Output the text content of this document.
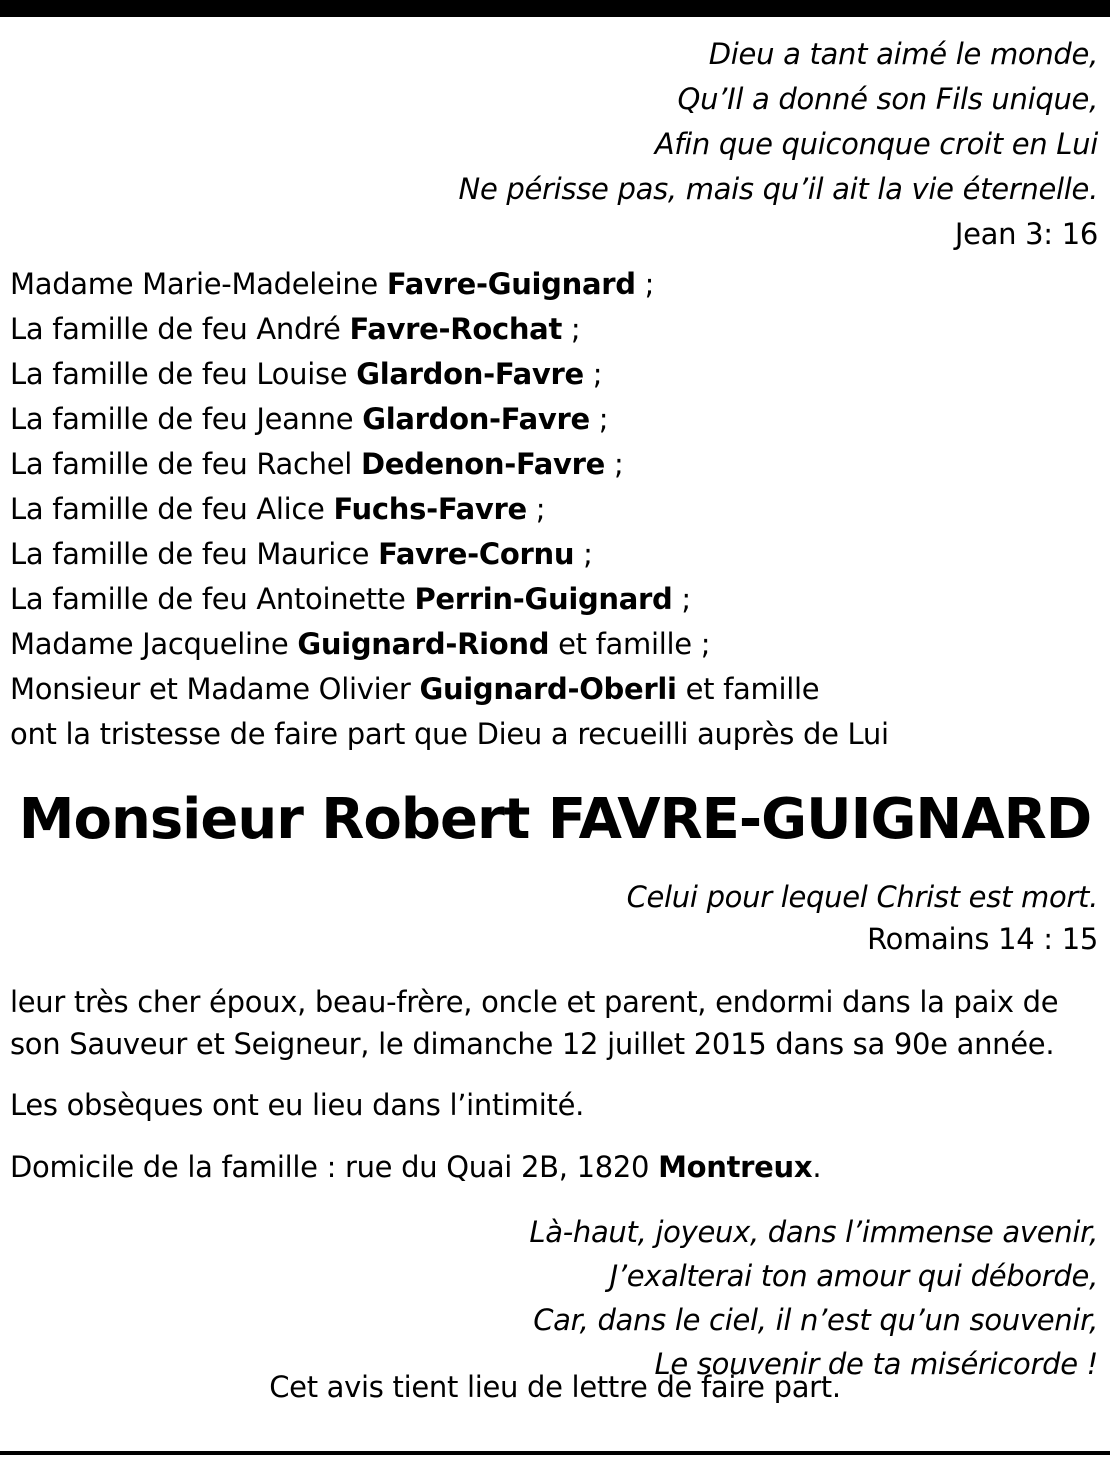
Dieu a tant aimé le monde,
Qu’Il a donné son Fils unique,
Afin que quiconque croit en Lui
Ne périsse pas, mais qu’il ait la vie éternelle.
Jean 3: 16
Madame Marie-Madeleine Favre-Guignard ;
La famille de feu André Favre-Rochat ;
La famille de feu Louise Glardon-Favre ;
La famille de feu Jeanne Glardon-Favre ;
La famille de feu Rachel Dedenon-Favre ;
La famille de feu Alice Fuchs-Favre ;
La famille de feu Maurice Favre-Cornu ;
La famille de feu Antoinette Perrin-Guignard ;
Madame Jacqueline Guignard-Riond et famille ;
Monsieur et Madame Olivier Guignard-Oberli et famille
ont la tristesse de faire part que Dieu a recueilli auprès de Lui
Monsieur Robert FAVRE-GUIGNARD
Celui pour lequel Christ est mort.
Romains 14 : 15
leur très cher époux, beau-frère, oncle et parent, endormi dans la paix de
son Sauveur et Seigneur, le dimanche 12 juillet 2015 dans sa 90e année.
Les obsèques ont eu lieu dans l’intimité.
Domicile de la famille : rue du Quai 2B, 1820 Montreux.
Là-haut, joyeux, dans l’immense avenir,
J’exalterai ton amour qui déborde,
Car, dans le ciel, il n’est qu’un souvenir,
Le souvenir de ta miséricorde !
Cet avis tient lieu de lettre de faire part.
